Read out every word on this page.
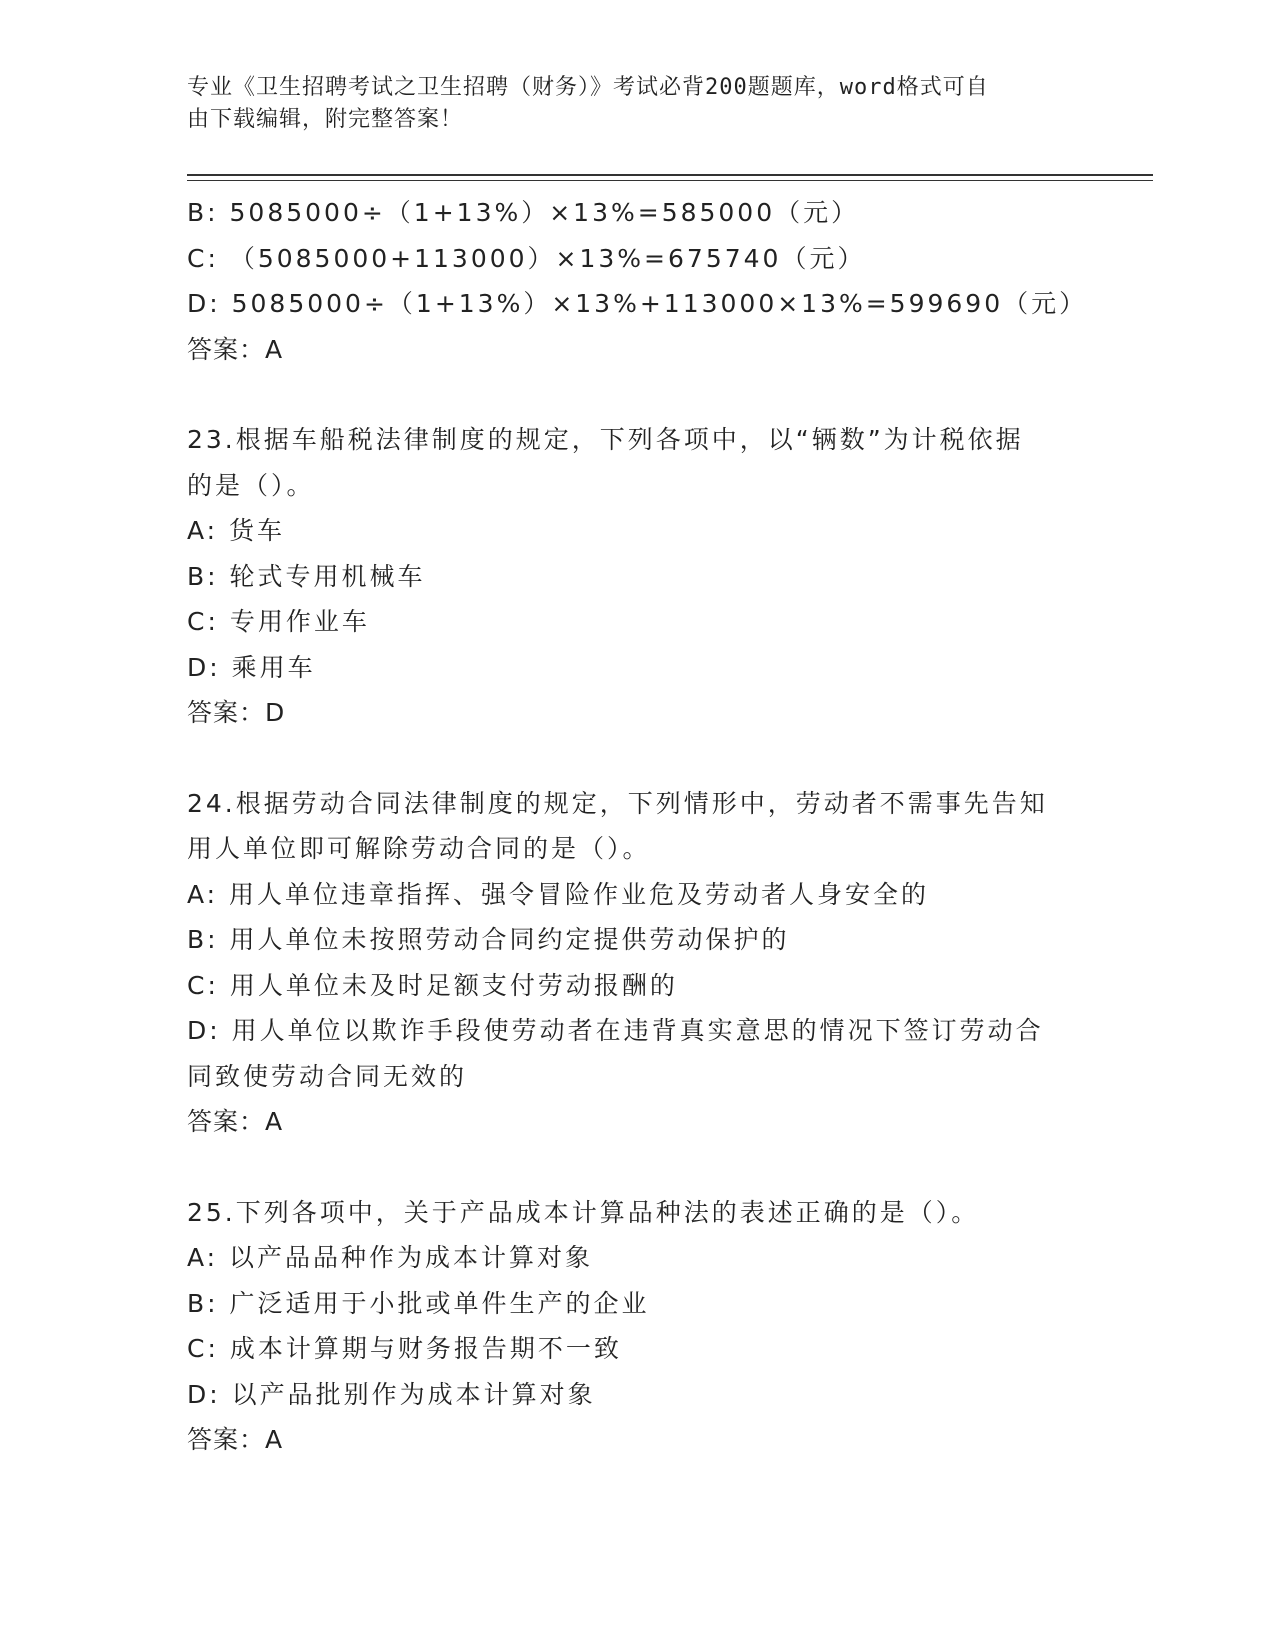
专业《卫生招聘考试之卫生招聘（财务）》考试必背200题题库，word格式可自
由下载编辑，附完整答案！
B: 5085000÷（1+13%）×13%=585000（元）
C: （5085000+113000）×13%=675740（元）
D: 5085000÷（1+13%）×13%+113000×13%=599690（元）
答案：A
23.根据车船税法律制度的规定，下列各项中，以“辆数”为计税依据
的是（）。
A: 货车
B: 轮式专用机械车
C: 专用作业车
D: 乘用车
答案：D
24.根据劳动合同法律制度的规定，下列情形中，劳动者不需事先告知
用人单位即可解除劳动合同的是（）。
A: 用人单位违章指挥、强令冒险作业危及劳动者人身安全的
B: 用人单位未按照劳动合同约定提供劳动保护的
C: 用人单位未及时足额支付劳动报酬的
D: 用人单位以欺诈手段使劳动者在违背真实意思的情况下签订劳动合
同致使劳动合同无效的
答案：A
25.下列各项中，关于产品成本计算品种法的表述正确的是（）。
A: 以产品品种作为成本计算对象
B: 广泛适用于小批或单件生产的企业
C: 成本计算期与财务报告期不一致
D: 以产品批别作为成本计算对象
答案：A
